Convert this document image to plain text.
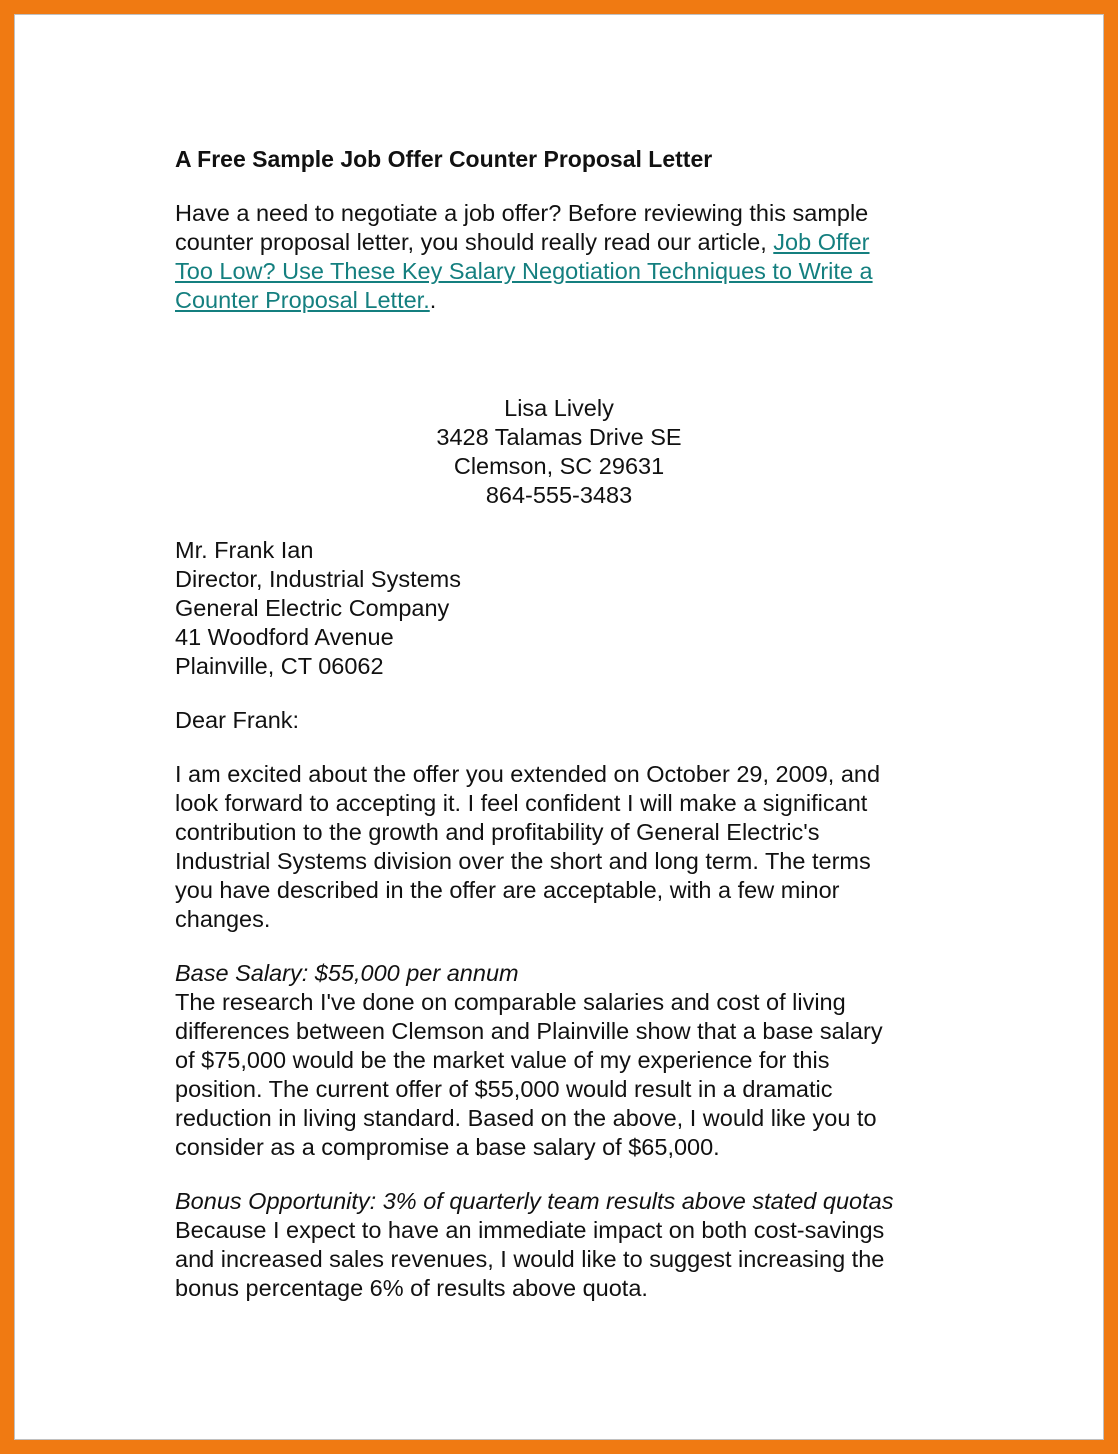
A Free Sample Job Offer Counter Proposal Letter

Have a need to negotiate a job offer? Before reviewing this sample
counter proposal letter, you should really read our article, Job Offer
Too Low? Use These Key Salary Negotiation Techniques to Write a
Counter Proposal Letter..

Lisa Lively
3428 Talamas Drive SE
Clemson, SC 29631
864-555-3483

Mr. Frank Ian
Director, Industrial Systems
General Electric Company
41 Woodford Avenue
Plainville, CT 06062

Dear Frank:

I am excited about the offer you extended on October 29, 2009, and
look forward to accepting it. I feel confident I will make a significant
contribution to the growth and profitability of General Electric's
Industrial Systems division over the short and long term. The terms
you have described in the offer are acceptable, with a few minor
changes.

Base Salary: $55,000 per annum

The research I've done on comparable salaries and cost of living
differences between Clemson and Plainville show that a base salary
of $75,000 would be the market value of my experience for this
position. The current offer of $55,000 would result in a dramatic
reduction in living standard. Based on the above, I would like you to
consider as a compromise a base salary of $65,000.

Bonus Opportunity: 3% of quarterly team results above stated quotas

Because I expect to have an immediate impact on both cost-savings
and increased sales revenues, I would like to suggest increasing the
bonus percentage 6% of results above quota.
